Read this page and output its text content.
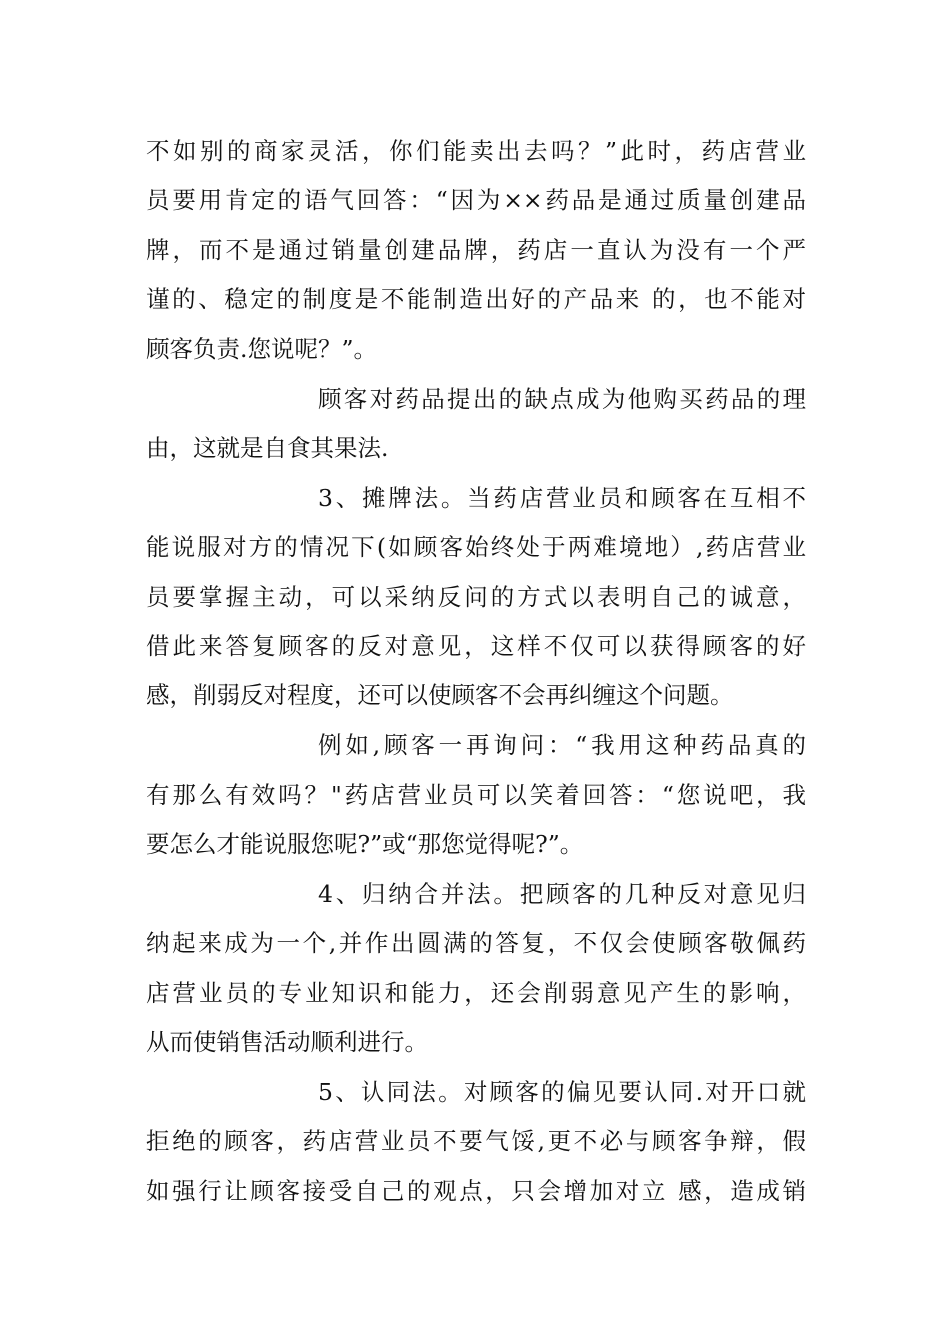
不如别的商家灵活，你们能卖出去吗？”此时，药店营业
员要用肯定的语气回答：“因为××药品是通过质量创建品
牌，而不是通过销量创建品牌，药店一直认为没有一个严
谨的、稳定的制度是不能制造出好的产品来 的，也不能对
顾客负责.您说呢？”。
顾客对药品提出的缺点成为他购买药品的理
由，这就是自食其果法.
3、摊牌法。当药店营业员和顾客在互相不
能说服对方的情况下(如顾客始终处于两难境地）,药店营业
员要掌握主动，可以采纳反问的方式以表明自己的诚意，
借此来答复顾客的反对意见，这样不仅可以获得顾客的好
感，削弱反对程度，还可以使顾客不会再纠缠这个问题。
例如,顾客一再询问：“我用这种药品真的
有那么有效吗？"药店营业员可以笑着回答：“您说吧，我
要怎么才能说服您呢?”或“那您觉得呢?”。
4、归纳合并法。把顾客的几种反对意见归
纳起来成为一个,并作出圆满的答复，不仅会使顾客敬佩药
店营业员的专业知识和能力，还会削弱意见产生的影响，
从而使销售活动顺利进行。
5、认同法。对顾客的偏见要认同.对开口就
拒绝的顾客，药店营业员不要气馁,更不必与顾客争辩，假
如强行让顾客接受自己的观点，只会增加对立 感，造成销
